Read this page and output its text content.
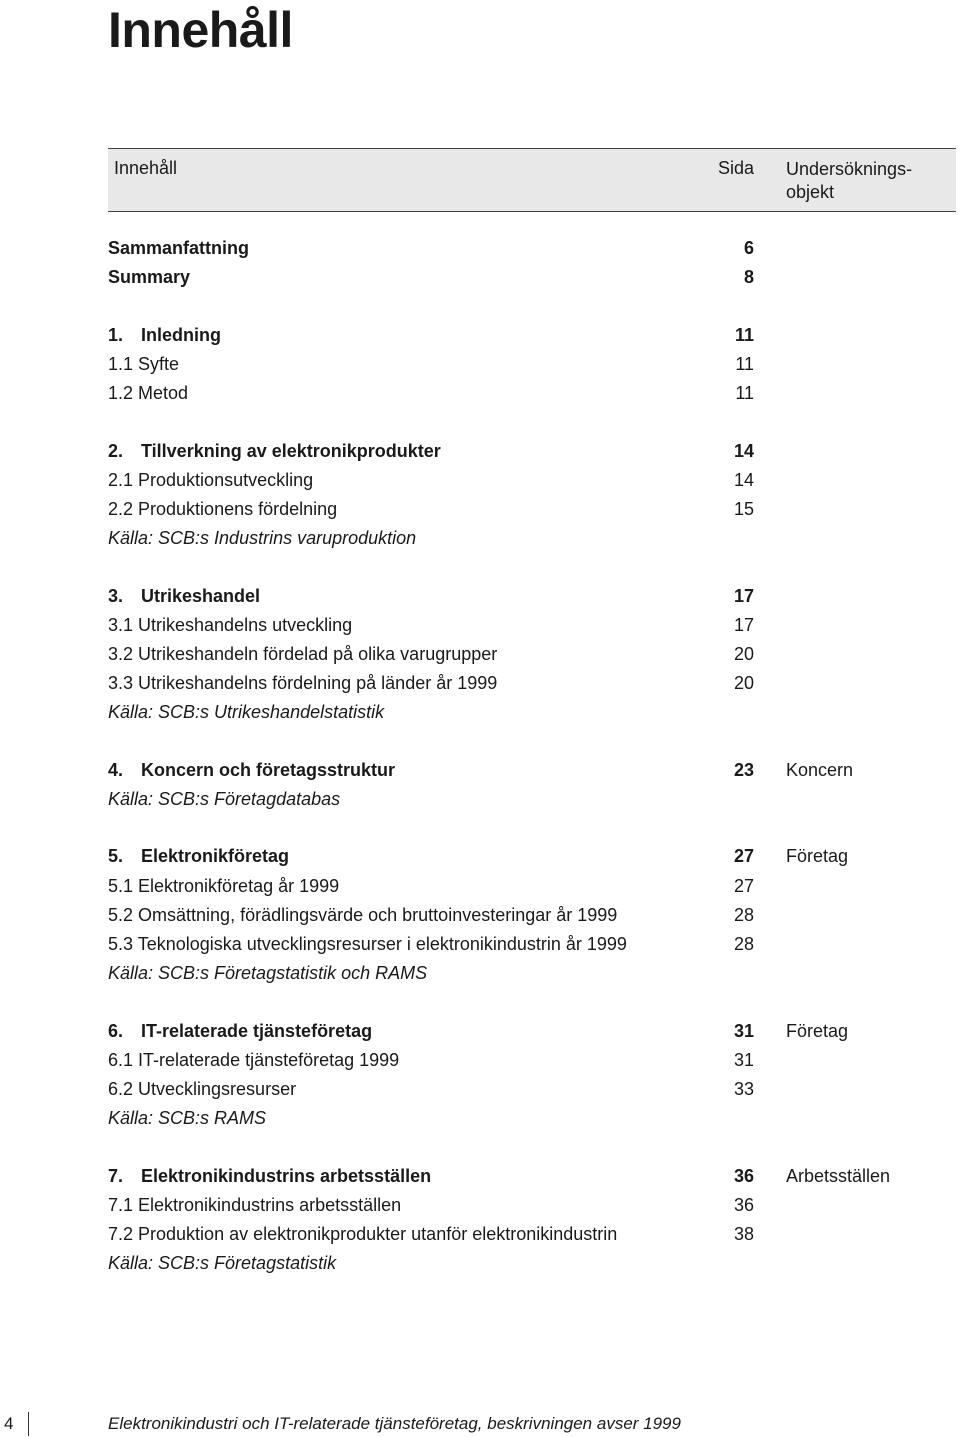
Innehåll
Innehåll	Sida Undersöknings-
objekt
Sammanfattning	6
Summary	8
1. Inledning	11
1.1 Syfte	11
1.2 Metod	11
2. Tillverkning av elektronikprodukter	14
2.1 Produktionsutveckling	14
2.2 Produktionens fördelning	15
Källa: SCB:s Industrins varuproduktion
3. Utrikeshandel	17
3.1 Utrikeshandelns utveckling	17
3.2 Utrikeshandeln fördelad på olika varugrupper	20
3.3 Utrikeshandelns fördelning på länder år 1999	20
Källa: SCB:s Utrikeshandelstatistik
4. Koncern och företagsstruktur	23 Koncern
Källa: SCB:s Företagdatabas
5. Elektronikföretag	27 Företag
5.1 Elektronikföretag år 1999	27
5.2 Omsättning, förädlingsvärde och bruttoinvesteringar år 1999	28
5.3 Teknologiska utvecklingsresurser i elektronikindustrin år 1999	28
Källa: SCB:s Företagstatistik och RAMS
6. IT-relaterade tjänsteföretag	31 Företag
6.1 IT-relaterade tjänsteföretag 1999	31
6.2 Utvecklingsresurser	33
Källa: SCB:s RAMS
7. Elektronikindustrins arbetsställen	36 Arbetsställen
7.1 Elektronikindustrins arbetsställen	36
7.2 Produktion av elektronikprodukter utanför elektronikindustrin	38
Källa: SCB:s Företagstatistik
4	Elektronikindustri och IT-relaterade tjänsteföretag, beskrivningen avser 1999
